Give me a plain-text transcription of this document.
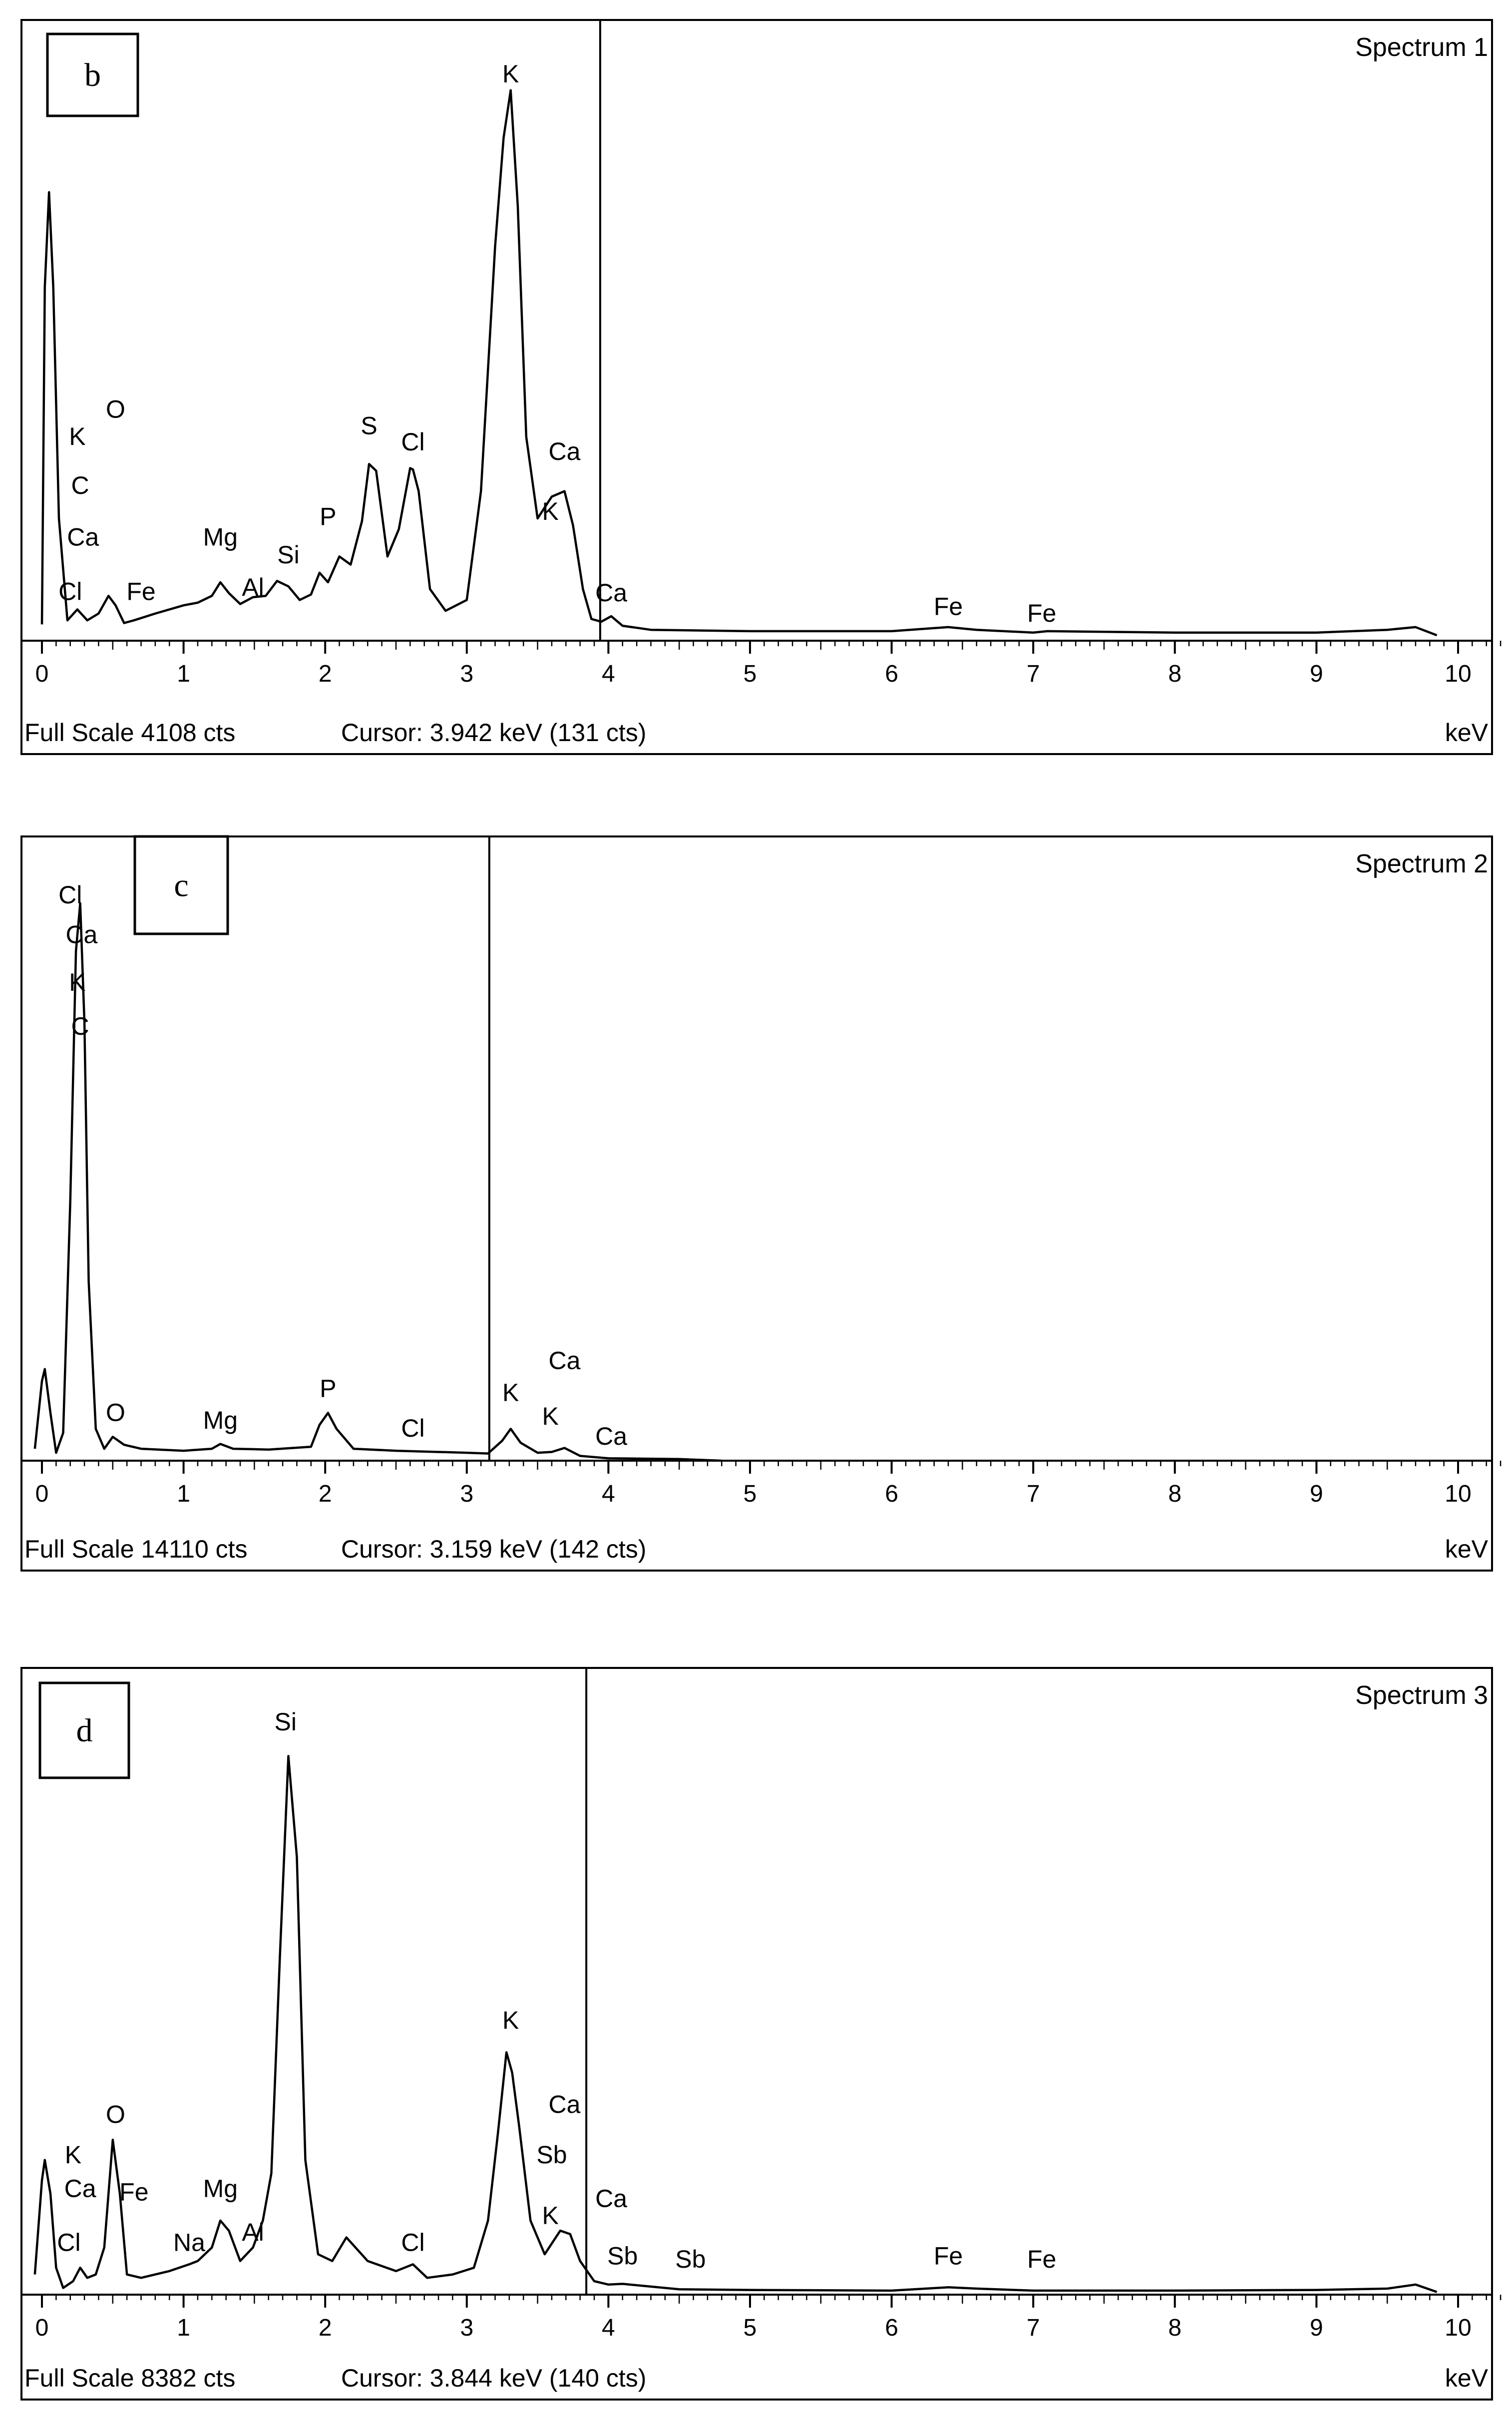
0	1	2	3	4	5	6	7	8	9	10
K
O
K
C
Ca
Cl Fe
Mg
Al
Si
P
S
Cl	Ca
K
Ca	Fe	Fe
Spectrum 1
Full Scale 4108 cts	Cursor: 3.942 keV (131 cts)	keV
b
0	1	2	3	4	5	6	7	8	9	10
Cl
Ca
K
C
O	Mg
P
Cl
K
Ca
K
Ca
Spectrum 2
Full Scale 14110 cts	Cursor: 3.159 keV (142 cts)	keV
c
0	1	2	3	4	5	6	7	8	9	10
Si
K
O
Ca Fe
Cl	Na
Mg
Al	Cl
K
Ca
Sb
K
Ca
Sb Sb	Fe	Fe
Spectrum 3
Full Scale 8382 cts	Cursor: 3.844 keV (140 cts)	keV
d
